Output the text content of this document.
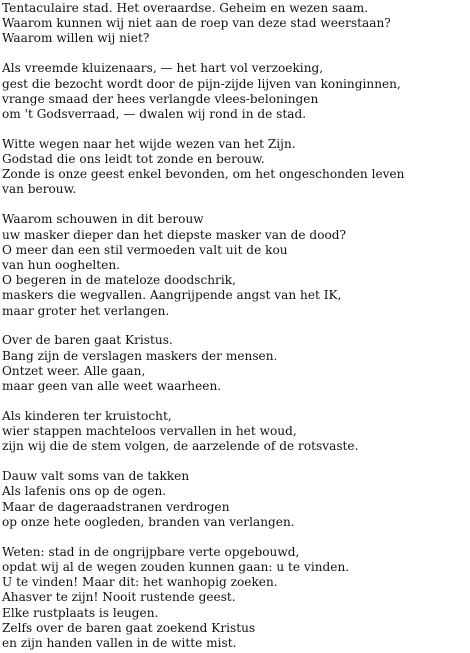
Tentaculaire stad. Het overaardse. Geheim en wezen saam.
Waarom kunnen wij niet aan de roep van deze stad weerstaan?
Waarom willen wij niet?
Als vreemde kluizenaars, — het hart vol verzoeking,
gest die bezocht wordt door de pijn-zijde lijven van koninginnen,
vrange smaad der hees verlangde vlees-beloningen
om 't Godsverraad, — dwalen wij rond in de stad.
Witte wegen naar het wijde wezen van het Zijn.
Godstad die ons leidt tot zonde en berouw.
Zonde is onze geest enkel bevonden, om het ongeschonden leven
van berouw.
Waarom schouwen in dit berouw
uw masker dieper dan het diepste masker van de dood?
O meer dan een stil vermoeden valt uit de kou
van hun ooghelten.
O begeren in de mateloze doodschrik,
maskers die wegvallen. Aangrijpende angst van het IK,
maar groter het verlangen.
Over de baren gaat Kristus.
Bang zijn de verslagen maskers der mensen.
Ontzet weer. Alle gaan,
maar geen van alle weet waarheen.
Als kinderen ter kruistocht,
wier stappen machteloos vervallen in het woud,
zijn wij die de stem volgen, de aarzelende of de rotsvaste.
Dauw valt soms van de takken
Als lafenis ons op de ogen.
Maar de dageraadstranen verdrogen
op onze hete oogleden, branden van verlangen.
Weten: stad in de ongrijpbare verte opgebouwd,
opdat wij al de wegen zouden kunnen gaan: u te vinden.
U te vinden! Maar dit: het wanhopig zoeken.
Ahasver te zijn! Nooit rustende geest.
Elke rustplaats is leugen.
Zelfs over de baren gaat zoekend Kristus
en zijn handen vallen in de witte mist.
